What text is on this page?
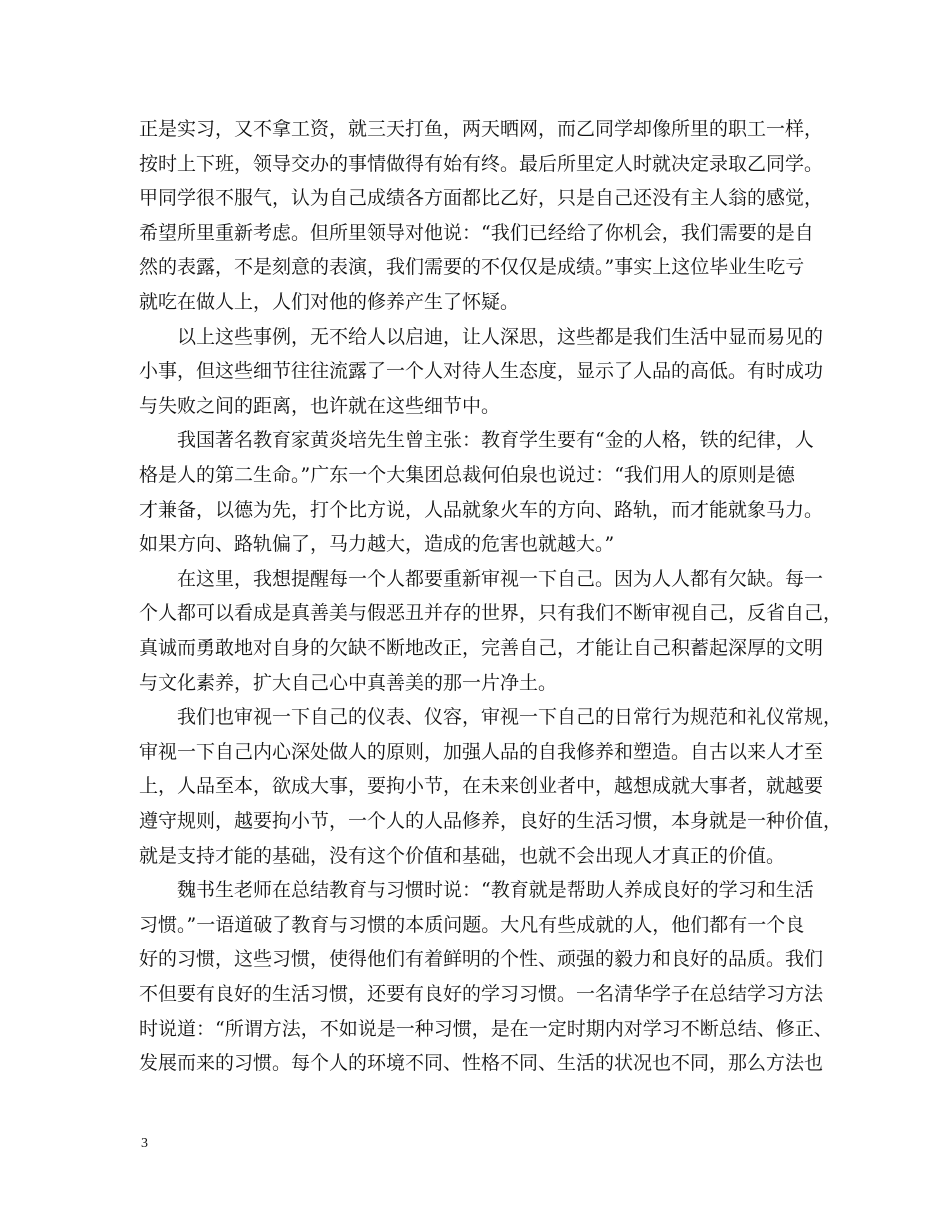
正是实习，又不拿工资，就三天打鱼，两天晒网，而乙同学却像所里的职工一样，
按时上下班，领导交办的事情做得有始有终。最后所里定人时就决定录取乙同学。
甲同学很不服气，认为自己成绩各方面都比乙好，只是自己还没有主人翁的感觉，
希望所里重新考虑。但所里领导对他说：“我们已经给了你机会，我们需要的是自
然的表露，不是刻意的表演，我们需要的不仅仅是成绩。”事实上这位毕业生吃亏
就吃在做人上，人们对他的修养产生了怀疑。
　　以上这些事例，无不给人以启迪，让人深思，这些都是我们生活中显而易见的
小事，但这些细节往往流露了一个人对待人生态度，显示了人品的高低。有时成功
与失败之间的距离，也许就在这些细节中。
　　我国著名教育家黄炎培先生曾主张：教育学生要有“金的人格，铁的纪律，人
格是人的第二生命。”广东一个大集团总裁何伯泉也说过：“我们用人的原则是德
才兼备，以德为先，打个比方说，人品就象火车的方向、路轨，而才能就象马力。
如果方向、路轨偏了，马力越大，造成的危害也就越大。”
　　在这里，我想提醒每一个人都要重新审视一下自己。因为人人都有欠缺。每一
个人都可以看成是真善美与假恶丑并存的世界，只有我们不断审视自己，反省自己，
真诚而勇敢地对自身的欠缺不断地改正，完善自己，才能让自己积蓄起深厚的文明
与文化素养，扩大自己心中真善美的那一片净土。
　　我们也审视一下自己的仪表、仪容，审视一下自己的日常行为规范和礼仪常规，
审视一下自己内心深处做人的原则，加强人品的自我修养和塑造。自古以来人才至
上，人品至本，欲成大事，要拘小节，在未来创业者中，越想成就大事者，就越要
遵守规则，越要拘小节，一个人的人品修养，良好的生活习惯，本身就是一种价值，
就是支持才能的基础，没有这个价值和基础，也就不会出现人才真正的价值。
　　魏书生老师在总结教育与习惯时说：“教育就是帮助人养成良好的学习和生活
习惯。”一语道破了教育与习惯的本质问题。大凡有些成就的人，他们都有一个良
好的习惯，这些习惯，使得他们有着鲜明的个性、顽强的毅力和良好的品质。我们
不但要有良好的生活习惯，还要有良好的学习习惯。一名清华学子在总结学习方法
时说道：“所谓方法，不如说是一种习惯，是在一定时期内对学习不断总结、修正、
发展而来的习惯。每个人的环境不同、性格不同、生活的状况也不同，那么方法也
3
